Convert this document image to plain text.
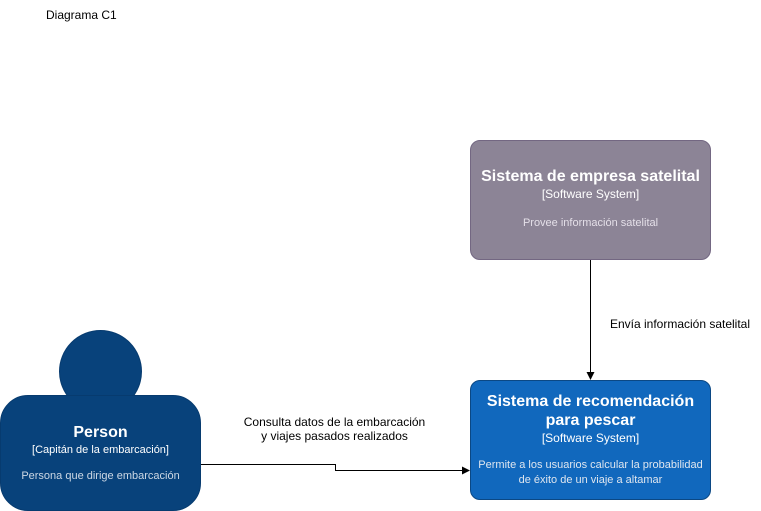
Diagrama C1
Sistema de empresa satelital
[Software System]
Provee información satelital
Sistema de recomendación
para pescar
[Software System]
Permite a los usuarios calcular la probabilidad
de éxito de un viaje a altamar
Person
[Capitán de la embarcación]
Persona que dirige embarcación
Envía información satelital
Consulta datos de la embarcación
y viajes pasados realizados
